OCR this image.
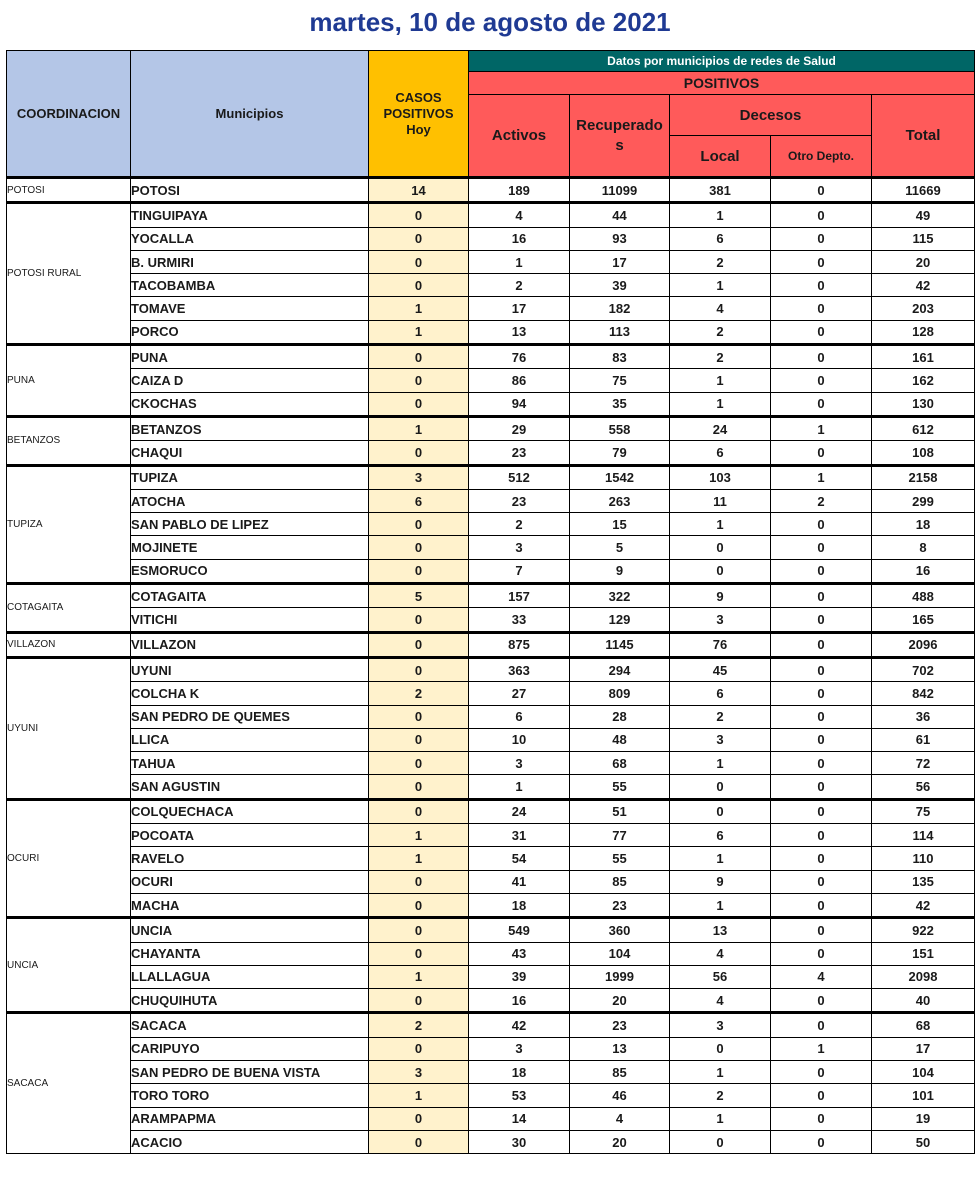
martes, 10 de agosto de 2021
COORDINACION	Municipios	CASOS
POSITIVOS
Hoy	Datos por municipios de redes de Salud				
			POSITIVOS				
			Activos	Recuperado
s	Decesos		Total
					Local	Otro Depto.	
POTOSI	POTOSI	14	189	11099	381	0	11669
POTOSI RURAL	TINGUIPAYA	0	4	44	1	0	49
	YOCALLA	0	16	93	6	0	115
	B. URMIRI	0	1	17	2	0	20
	TACOBAMBA	0	2	39	1	0	42
	TOMAVE	1	17	182	4	0	203
	PORCO	1	13	113	2	0	128
PUNA	PUNA	0	76	83	2	0	161
	CAIZA D	0	86	75	1	0	162
	CKOCHAS	0	94	35	1	0	130
BETANZOS	BETANZOS	1	29	558	24	1	612
	CHAQUI	0	23	79	6	0	108
TUPIZA	TUPIZA	3	512	1542	103	1	2158
	ATOCHA	6	23	263	11	2	299
	SAN PABLO DE LIPEZ	0	2	15	1	0	18
	MOJINETE	0	3	5	0	0	8
	ESMORUCO	0	7	9	0	0	16
COTAGAITA	COTAGAITA	5	157	322	9	0	488
	VITICHI	0	33	129	3	0	165
VILLAZON	VILLAZON	0	875	1145	76	0	2096
UYUNI	UYUNI	0	363	294	45	0	702
	COLCHA K	2	27	809	6	0	842
	SAN PEDRO DE QUEMES	0	6	28	2	0	36
	LLICA	0	10	48	3	0	61
	TAHUA	0	3	68	1	0	72
	SAN AGUSTIN	0	1	55	0	0	56
OCURI	COLQUECHACA	0	24	51	0	0	75
	POCOATA	1	31	77	6	0	114
	RAVELO	1	54	55	1	0	110
	OCURI	0	41	85	9	0	135
	MACHA	0	18	23	1	0	42
UNCIA	UNCIA	0	549	360	13	0	922
	CHAYANTA	0	43	104	4	0	151
	LLALLAGUA	1	39	1999	56	4	2098
	CHUQUIHUTA	0	16	20	4	0	40
SACACA	SACACA	2	42	23	3	0	68
	CARIPUYO	0	3	13	0	1	17
	SAN PEDRO DE BUENA VISTA	3	18	85	1	0	104
	TORO TORO	1	53	46	2	0	101
	ARAMPAPMA	0	14	4	1	0	19
	ACACIO	0	30	20	0	0	50
